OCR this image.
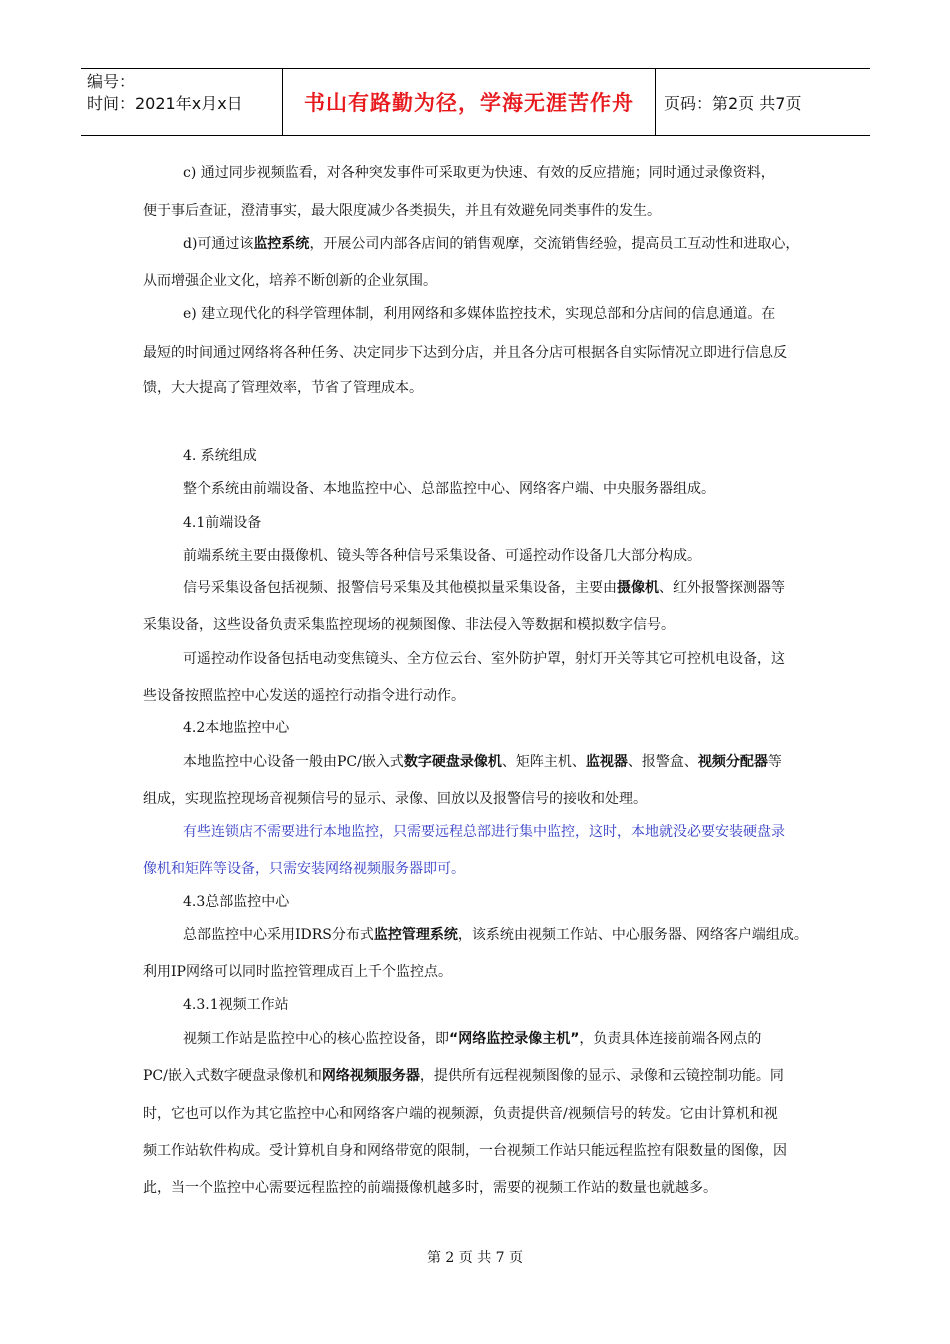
编号：
时间：2021年x月x日	书山有路勤为径，学海无涯苦作舟	页码：第2页 共7页
c) 通过同步视频监看，对各种突发事件可采取更为快速、有效的反应措施；同时通过录像资料，
便于事后查证，澄清事实，最大限度减少各类损失，并且有效避免同类事件的发生。
d)可通过该监控系统，开展公司内部各店间的销售观摩，交流销售经验，提高员工互动性和进取心，
从而增强企业文化，培养不断创新的企业氛围。
e) 建立现代化的科学管理体制，利用网络和多媒体监控技术，实现总部和分店间的信息通道。在
最短的时间通过网络将各种任务、决定同步下达到分店，并且各分店可根据各自实际情况立即进行信息反
馈，大大提高了管理效率，节省了管理成本。
4. 系统组成
整个系统由前端设备、本地监控中心、总部监控中心、网络客户端、中央服务器组成。
4.1前端设备
前端系统主要由摄像机、镜头等各种信号采集设备、可遥控动作设备几大部分构成。
信号采集设备包括视频、报警信号采集及其他模拟量采集设备，主要由摄像机、红外报警探测器等
采集设备，这些设备负责采集监控现场的视频图像、非法侵入等数据和模拟数字信号。
可遥控动作设备包括电动变焦镜头、全方位云台、室外防护罩，射灯开关等其它可控机电设备，这
些设备按照监控中心发送的遥控行动指令进行动作。
4.2本地监控中心
本地监控中心设备一般由PC/嵌入式数字硬盘录像机、矩阵主机、监视器、报警盒、视频分配器等
组成，实现监控现场音视频信号的显示、录像、回放以及报警信号的接收和处理。
有些连锁店不需要进行本地监控，只需要远程总部进行集中监控，这时，本地就没必要安装硬盘录
像机和矩阵等设备，只需安装网络视频服务器即可。
4.3总部监控中心
总部监控中心采用IDRS分布式监控管理系统，该系统由视频工作站、中心服务器、网络客户端组成。
利用IP网络可以同时监控管理成百上千个监控点。
4.3.1视频工作站
视频工作站是监控中心的核心监控设备，即“网络监控录像主机”，负责具体连接前端各网点的
PC/嵌入式数字硬盘录像机和网络视频服务器，提供所有远程视频图像的显示、录像和云镜控制功能。同
时，它也可以作为其它监控中心和网络客户端的视频源，负责提供音/视频信号的转发。它由计算机和视
频工作站软件构成。受计算机自身和网络带宽的限制，一台视频工作站只能远程监控有限数量的图像，因
此，当一个监控中心需要远程监控的前端摄像机越多时，需要的视频工作站的数量也就越多。
第 2 页 共 7 页
